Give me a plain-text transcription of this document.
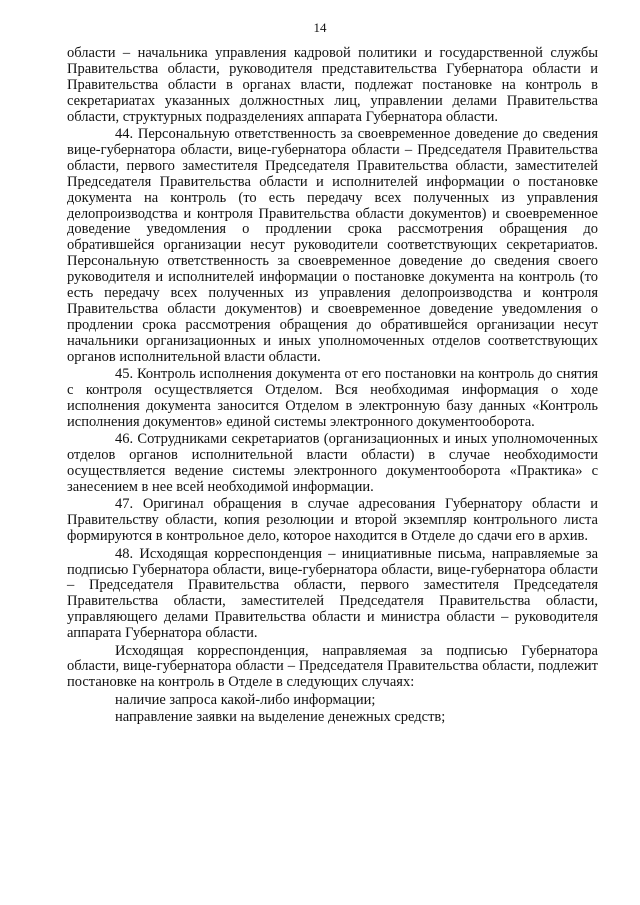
14

области – начальника управления кадровой политики и государственной службы Правительства области, руководителя представительства Губернатора области и Правительства области в органах власти, подлежат постановке на контроль в секретариатах указанных должностных лиц, управлении делами Правительства области, структурных подразделениях аппарата Губернатора области.

44. Персональную ответственность за своевременное доведение до сведения вице-губернатора области, вице-губернатора области – Председателя Правительства области, первого заместителя Председателя Правительства области, заместителей Председателя Правительства области и исполнителей информации о постановке документа на контроль (то есть передачу всех полученных из управления делопроизводства и контроля Правительства области документов) и своевременное доведение уведомления о продлении срока рассмотрения обращения до обратившейся организации несут руководители соответствующих секретариатов. Персональную ответственность за своевременное доведение до сведения своего руководителя и исполнителей информации о постановке документа на контроль (то есть передачу всех полученных из управления делопроизводства и контроля Правительства области документов) и своевременное доведение уведомления о продлении срока рассмотрения обращения до обратившейся организации несут начальники организационных и иных уполномоченных отделов соответствующих органов исполнительной власти области.

45. Контроль исполнения документа от его постановки на контроль до снятия с контроля осуществляется Отделом. Вся необходимая информация о ходе исполнения документа заносится Отделом в электронную базу данных «Контроль исполнения документов» единой системы электронного документооборота.

46. Сотрудниками секретариатов (организационных и иных уполномоченных отделов органов исполнительной власти области) в случае необходимости осуществляется ведение системы электронного документооборота «Практика» с занесением в нее всей необходимой информации.

47. Оригинал обращения в случае адресования Губернатору области и Правительству области, копия резолюции и второй экземпляр контрольного листа формируются в контрольное дело, которое находится в Отделе до сдачи его в архив.

48. Исходящая корреспонденция – инициативные письма, направляемые за подписью Губернатора области, вице-губернатора области, вице-губернатора области – Председателя Правительства области, первого заместителя Председателя Правительства области, заместителей Председателя Правительства области, управляющего делами Правительства области и министра области – руководителя аппарата Губернатора области.

Исходящая корреспонденция, направляемая за подписью Губернатора области, вице-губернатора области – Председателя Правительства области, подлежит постановке на контроль в Отделе в следующих случаях:

наличие запроса какой-либо информации;

направление заявки на выделение денежных средств;
